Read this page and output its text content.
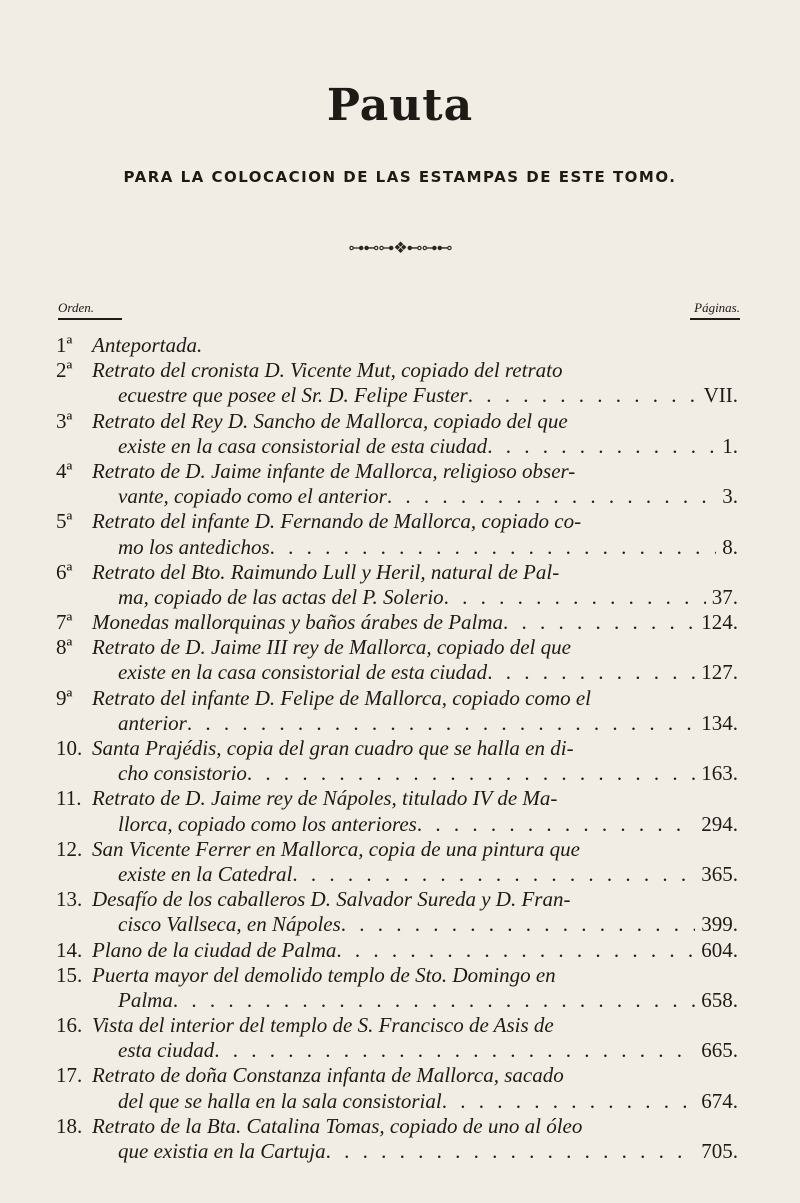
Pauta
PARA LA COLOCACION DE LAS ESTAMPAS DE ESTE TOMO.
⊶⊷⊶❖⊷⊶⊷
Orden.	Páginas.
1ª Anteportada.
2ª Retrato del cronista D. Vicente Mut, copiado del retrato
ecuestre que posee el Sr. D. Felipe Fuster . . .	VII.
3ª Retrato del Rey D. Sancho de Mallorca, copiado del que
existe en la casa consistorial de esta ciudad . . .	1.
4ª Retrato de D. Jaime infante de Mallorca, religioso obser-
vante, copiado como el anterior . . .	3.
5ª Retrato del infante D. Fernando de Mallorca, copiado co-
mo los antedichos . . .	8.
6ª Retrato del Bto. Raimundo Lull y Heril, natural de Pal-
ma, copiado de las actas del P. Solerio . . .	37.
7ª Monedas mallorquinas y baños árabes de Palma . . .	124.
8ª Retrato de D. Jaime III rey de Mallorca, copiado del que
existe en la casa consistorial de esta ciudad . . .	127.
9ª Retrato del infante D. Felipe de Mallorca, copiado como el
anterior . . .	134.
10. Santa Prajédis, copia del gran cuadro que se halla en di-
cho consistorio . . .	163.
11. Retrato de D. Jaime rey de Nápoles, titulado IV de Ma-
llorca, copiado como los anteriores . . .	294.
12. San Vicente Ferrer en Mallorca, copia de una pintura que
existe en la Catedral . . .	365.
13. Desafío de los caballeros D. Salvador Sureda y D. Fran-
cisco Vallseca, en Nápoles . . .	399.
14. Plano de la ciudad de Palma . . .	604.
15. Puerta mayor del demolido templo de Sto. Domingo en
Palma . . .	658.
16. Vista del interior del templo de S. Francisco de Asis de
esta ciudad . . .	665.
17. Retrato de doña Constanza infanta de Mallorca, sacado
del que se halla en la sala consistorial . . .	674.
18. Retrato de la Bta. Catalina Tomas, copiado de uno al óleo
que existia en la Cartuja . . .	705.
